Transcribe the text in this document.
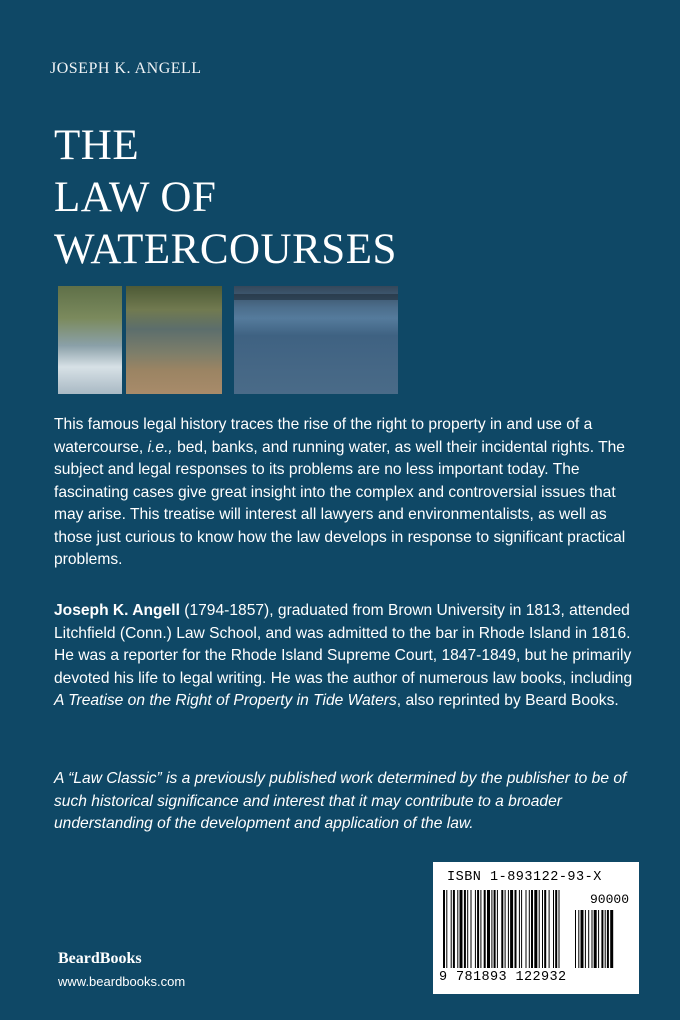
JOSEPH K. ANGELL
THE
LAW OF
WATERCOURSES

This famous legal history traces the rise of the right to property in and use of a watercourse, i.e., bed, banks, and running water, as well their incidental rights. The subject and legal responses to its problems are no less important today. The fascinating cases give great insight into the complex and controversial issues that may arise. This treatise will interest all lawyers and environmentalists, as well as those just curious to know how the law develops in response to significant practical problems.

Joseph K. Angell (1794-1857), graduated from Brown University in 1813, attended Litchfield (Conn.) Law School, and was admitted to the bar in Rhode Island in 1816. He was a reporter for the Rhode Island Supreme Court, 1847-1849, but he primarily devoted his life to legal writing. He was the author of numerous law books, including A Treatise on the Right of Property in Tide Waters, also reprinted by Beard Books.

A “Law Classic” is a previously published work determined by the publisher to be of such historical significance and interest that it may contribute to a broader understanding of the development and application of the law.

BeardBooks
www.beardbooks.com
ISBN 1-893122-93-X
90000
9 781893 122932
